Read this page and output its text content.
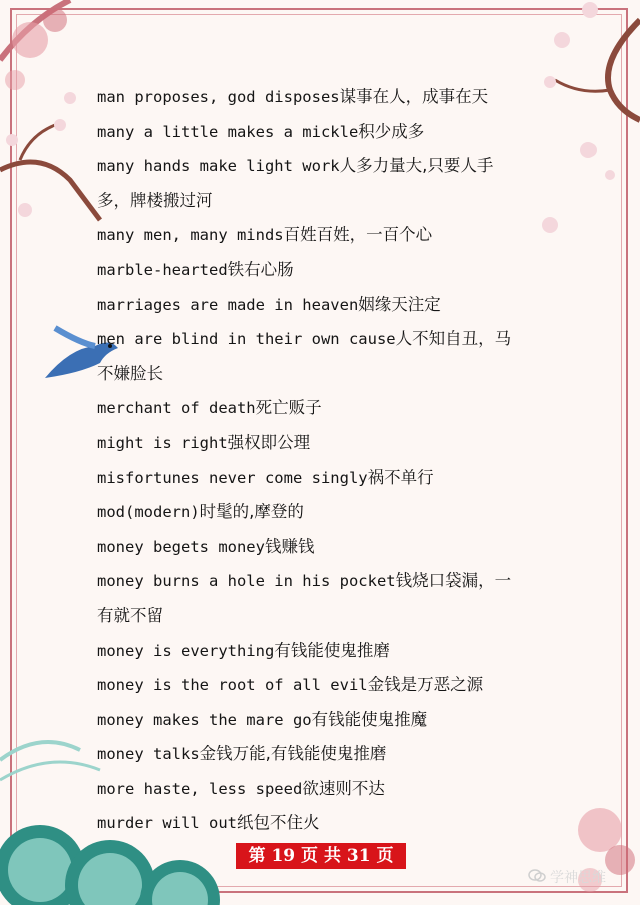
man proposes, god disposes谋事在人，成事在天
many a little makes a mickle积少成多
many hands make light work人多力量大,只要人手
多，牌楼搬过河
many men, many minds百姓百姓，一百个心
marble-hearted铁右心肠
marriages are made in heaven姻缘天注定
men are blind in their own cause人不知自丑，马
不嫌脸长
merchant of death死亡贩子
might is right强权即公理
misfortunes never come singly祸不单行
mod(modern)时髦的,摩登的
money begets money钱赚钱
money burns a hole in his pocket钱烧口袋漏，一
有就不留
money is everything有钱能使鬼推磨
money is the root of all evil金钱是万恶之源
money makes the mare go有钱能使鬼推魔
money talks金钱万能,有钱能使鬼推磨
more haste, less speed欲速则不达
murder will out纸包不住火
第 19 页 共 31 页
学神思维
